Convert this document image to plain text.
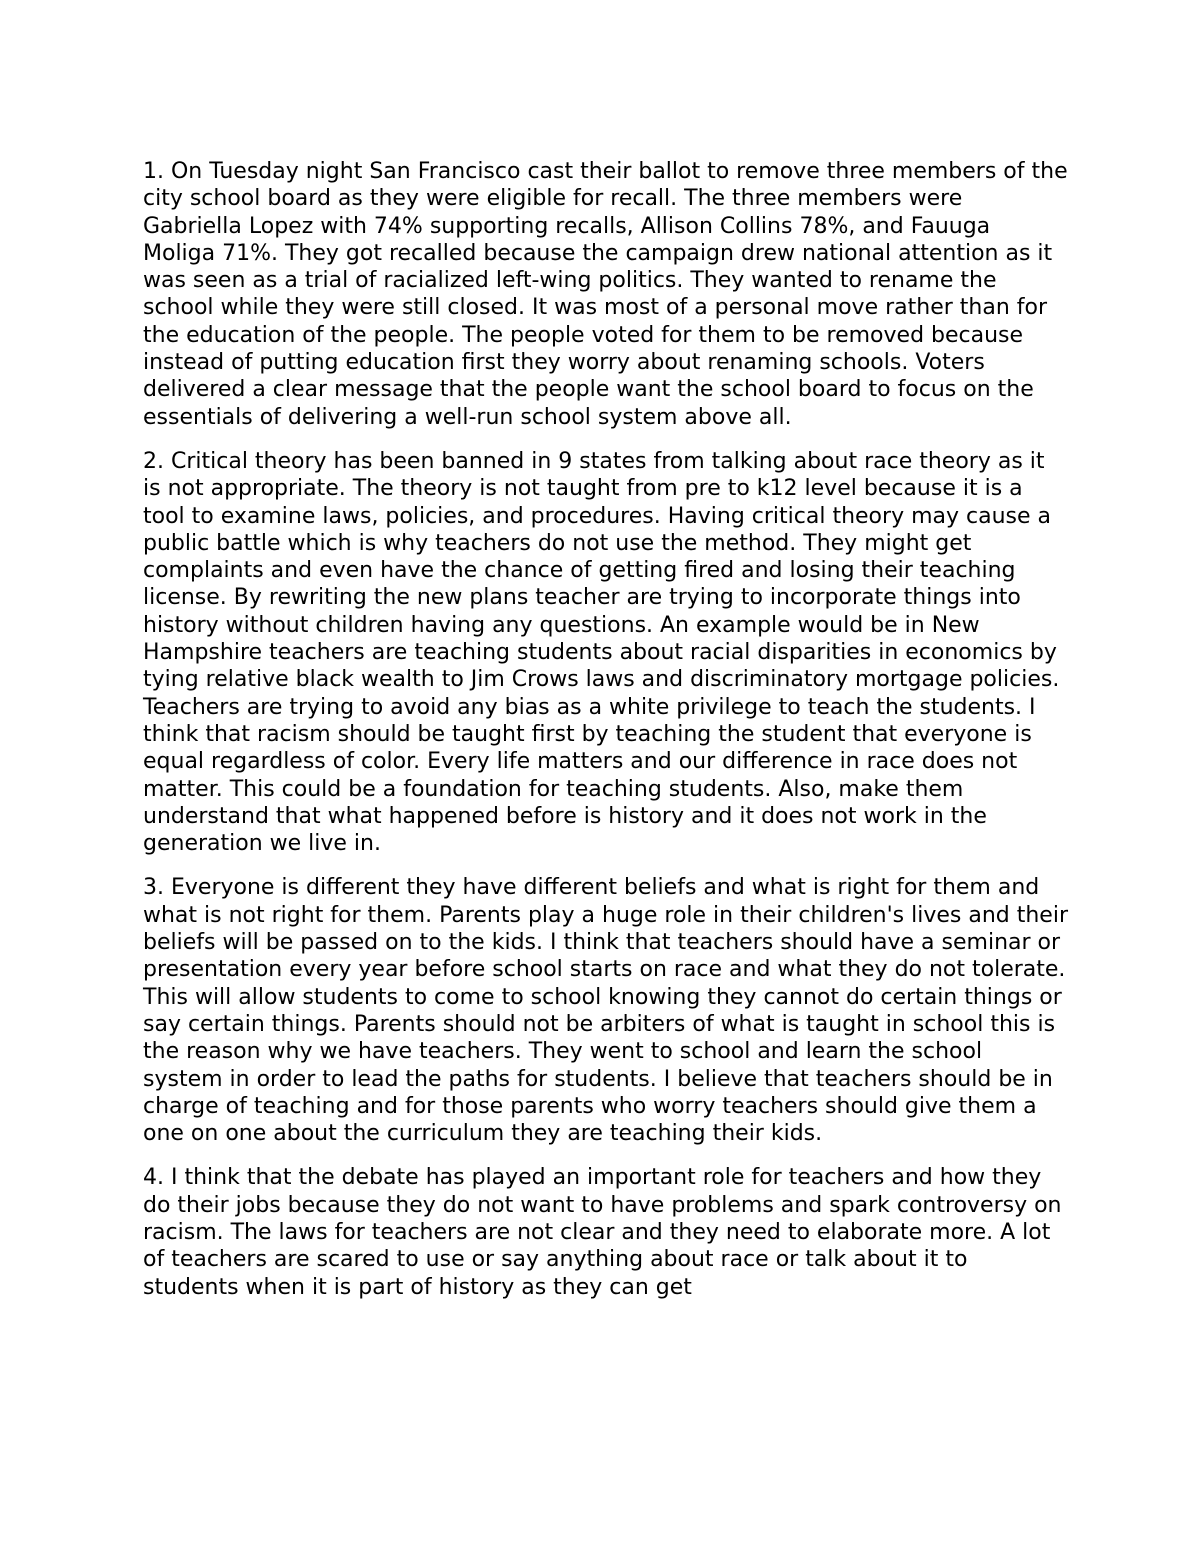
1. On Tuesday night San Francisco cast their ballot to remove three members of the city school board as they were eligible for recall. The three members were Gabriella Lopez with 74% supporting recalls, Allison Collins 78%, and Fauuga Moliga 71%. They got recalled because the campaign drew national attention as it was seen as a trial of racialized left-wing politics. They wanted to rename the school while they were still closed. It was most of a personal move rather than for the education of the people. The people voted for them to be removed because instead of putting education first they worry about renaming schools. Voters delivered a clear message that the people want the school board to focus on the essentials of delivering a well-run school system above all.

2. Critical theory has been banned in 9 states from talking about race theory as it is not appropriate. The theory is not taught from pre to k12 level because it is a tool to examine laws, policies, and procedures. Having critical theory may cause a public battle which is why teachers do not use the method. They might get complaints and even have the chance of getting fired and losing their teaching license. By rewriting the new plans teacher are trying to incorporate things into history without children having any questions. An example would be in New Hampshire teachers are teaching students about racial disparities in economics by tying relative black wealth to Jim Crows laws and discriminatory mortgage policies. Teachers are trying to avoid any bias as a white privilege to teach the students. I think that racism should be taught first by teaching the student that everyone is equal regardless of color. Every life matters and our difference in race does not matter. This could be a foundation for teaching students. Also, make them understand that what happened before is history and it does not work in the generation we live in.

3. Everyone is different they have different beliefs and what is right for them and what is not right for them. Parents play a huge role in their children's lives and their beliefs will be passed on to the kids. I think that teachers should have a seminar or presentation every year before school starts on race and what they do not tolerate. This will allow students to come to school knowing they cannot do certain things or say certain things. Parents should not be arbiters of what is taught in school this is the reason why we have teachers. They went to school and learn the school system in order to lead the paths for students. I believe that teachers should be in charge of teaching and for those parents who worry teachers should give them a one on one about the curriculum they are teaching their kids.

4. I think that the debate has played an important role for teachers and how they do their jobs because they do not want to have problems and spark controversy on racism. The laws for teachers are not clear and they need to elaborate more. A lot of teachers are scared to use or say anything about race or talk about it to students when it is part of history as they can get
